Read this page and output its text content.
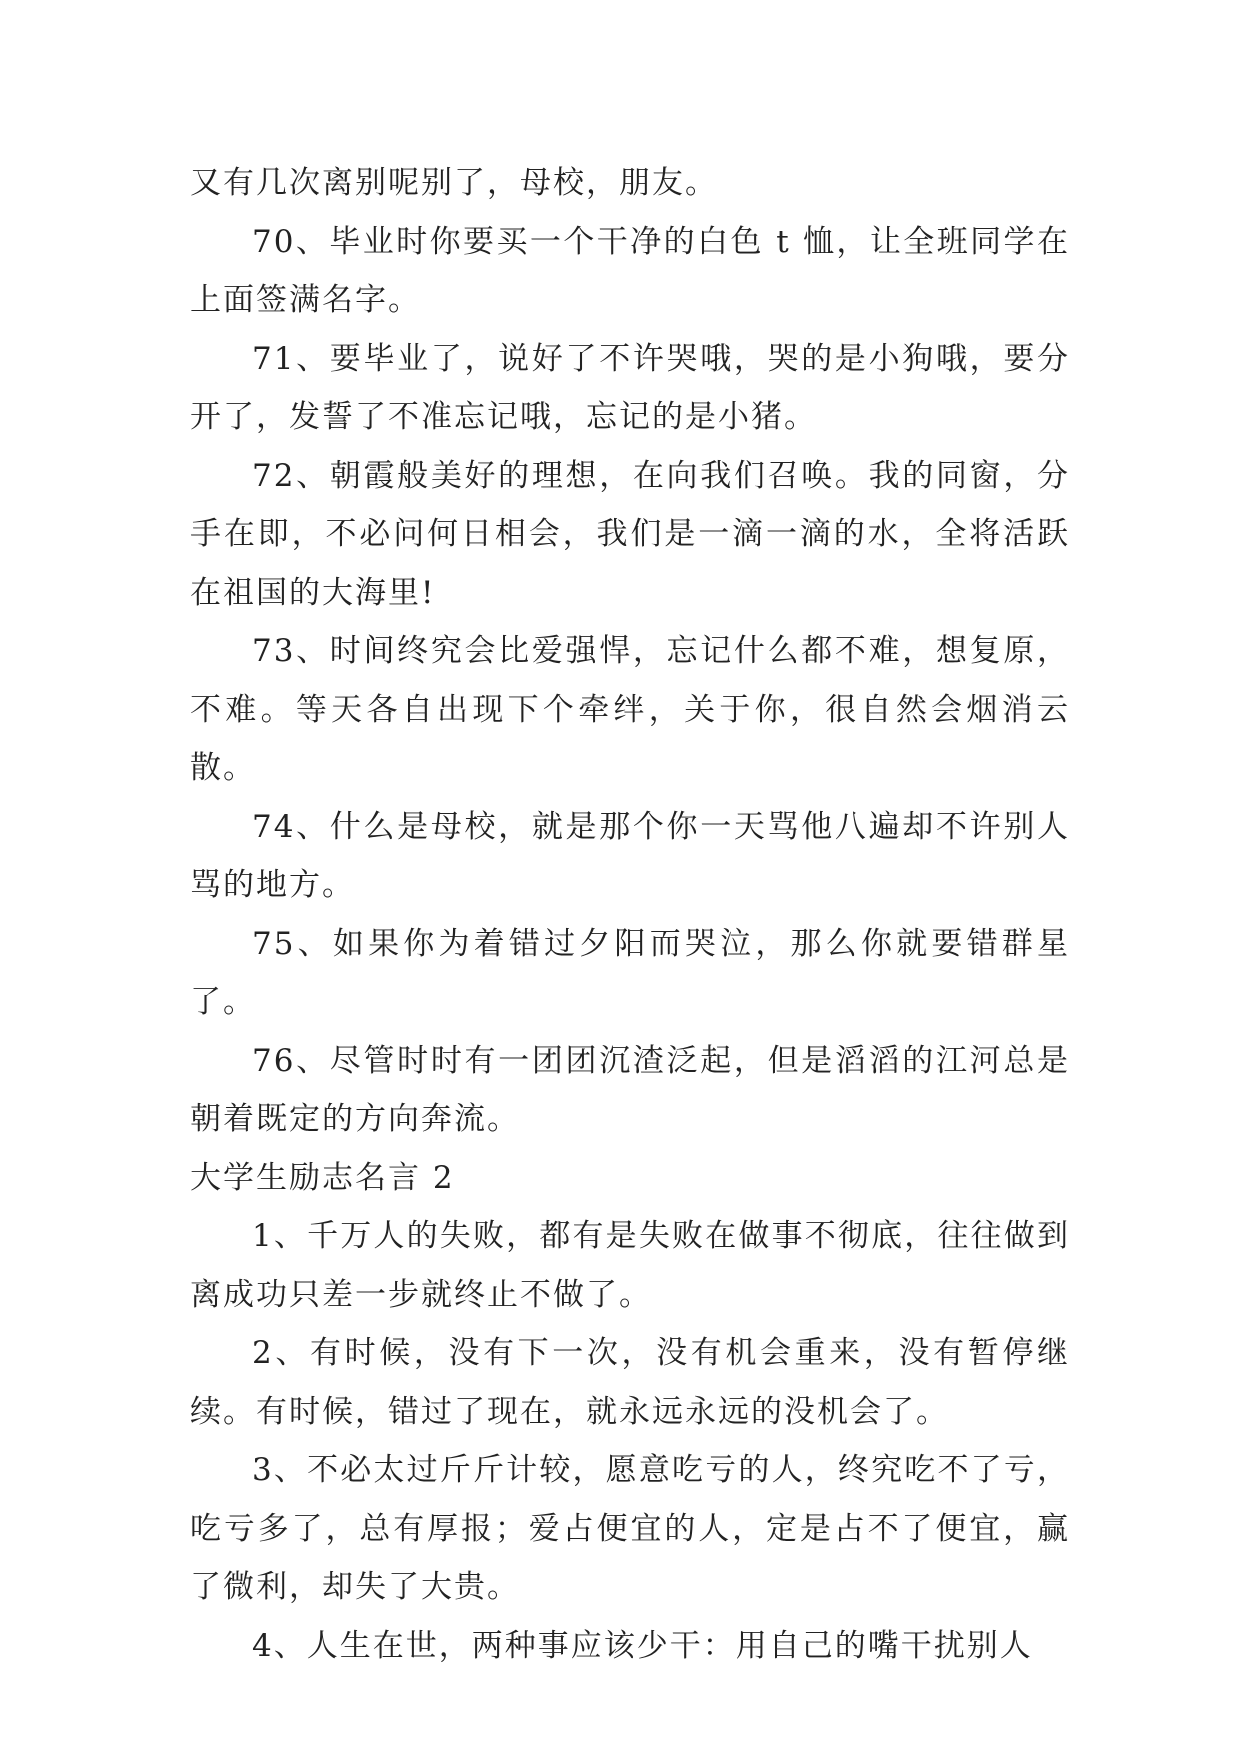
又有几次离别呢别了，母校，朋友。

70、毕业时你要买一个干净的白色 t 恤，让全班同学在上面签满名字。

71、要毕业了，说好了不许哭哦，哭的是小狗哦，要分开了，发誓了不准忘记哦，忘记的是小猪。

72、朝霞般美好的理想，在向我们召唤。我的同窗，分手在即，不必问何日相会，我们是一滴一滴的水，全将活跃在祖国的大海里!

73、时间终究会比爱强悍，忘记什么都不难，想复原，不难。等天各自出现下个牵绊，关于你，很自然会烟消云散。

74、什么是母校，就是那个你一天骂他八遍却不许别人骂的地方。

75、如果你为着错过夕阳而哭泣，那么你就要错群星了。

76、尽管时时有一团团沉渣泛起，但是滔滔的江河总是朝着既定的方向奔流。

大学生励志名言 2

1、千万人的失败，都有是失败在做事不彻底，往往做到离成功只差一步就终止不做了。

2、有时候，没有下一次，没有机会重来，没有暂停继续。有时候，错过了现在，就永远永远的没机会了。

3、不必太过斤斤计较，愿意吃亏的人，终究吃不了亏，吃亏多了，总有厚报；爱占便宜的人，定是占不了便宜，赢了微利，却失了大贵。

4、人生在世，两种事应该少干：用自己的嘴干扰别人
